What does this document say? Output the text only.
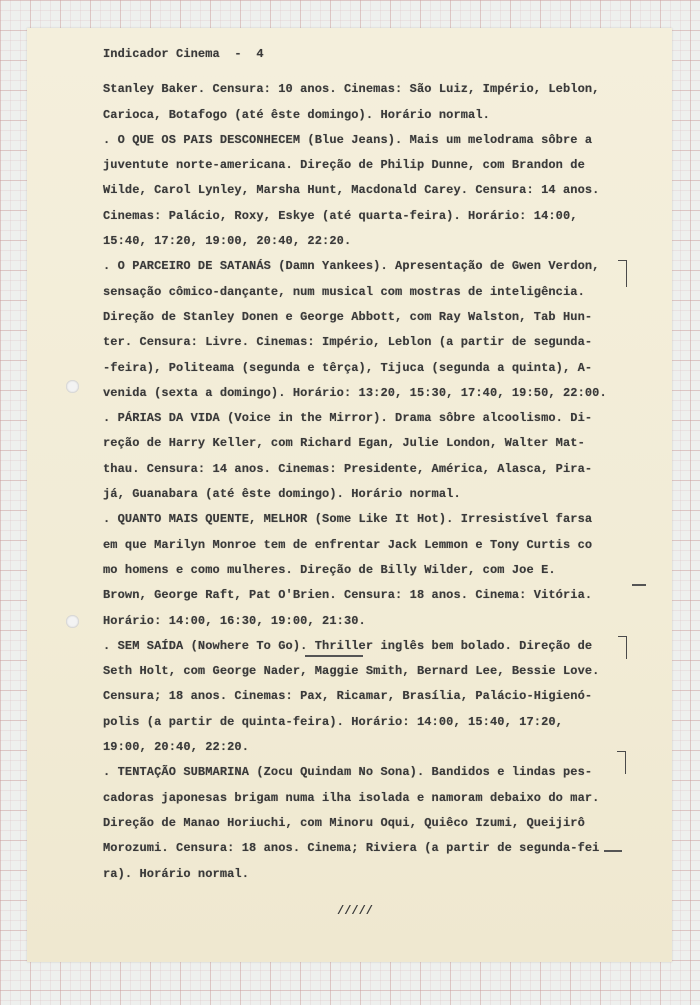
Indicador Cinema  -  4
Stanley Baker. Censura: 10 anos. Cinemas: São Luiz, Império, Leblon,
Carioca, Botafogo (até êste domingo). Horário normal.
. O QUE OS PAIS DESCONHECEM (Blue Jeans). Mais um melodrama sôbre a
juventute norte-americana. Direção de Philip Dunne, com Brandon de
Wilde, Carol Lynley, Marsha Hunt, Macdonald Carey. Censura: 14 anos.
Cinemas: Palácio, Roxy, Eskye (até quarta-feira). Horário: 14:00,
15:40, 17:20, 19:00, 20:40, 22:20.
. O PARCEIRO DE SATANÁS (Damn Yankees). Apresentação de Gwen Verdon,
sensação cômico-dançante, num musical com mostras de inteligência.
Direção de Stanley Donen e George Abbott, com Ray Walston, Tab Hun-
ter. Censura: Livre. Cinemas: Império, Leblon (a partir de segunda-
-feira), Politeama (segunda e têrça), Tijuca (segunda a quinta), A-
venida (sexta a domingo). Horário: 13:20, 15:30, 17:40, 19:50, 22:00.
. PÁRIAS DA VIDA (Voice in the Mirror). Drama sôbre alcoolismo. Di-
reção de Harry Keller, com Richard Egan, Julie London, Walter Mat-
thau. Censura: 14 anos. Cinemas: Presidente, América, Alasca, Pira-
já, Guanabara (até êste domingo). Horário normal.
. QUANTO MAIS QUENTE, MELHOR (Some Like It Hot). Irresistível farsa
em que Marilyn Monroe tem de enfrentar Jack Lemmon e Tony Curtis co
mo homens e como mulheres. Direção de Billy Wilder, com Joe E.
Brown, George Raft, Pat O'Brien. Censura: 18 anos. Cinema: Vitória.
Horário: 14:00, 16:30, 19:00, 21:30.
. SEM SAÍDA (Nowhere To Go). Thriller inglês bem bolado. Direção de
Seth Holt, com George Nader, Maggie Smith, Bernard Lee, Bessie Love.
Censura; 18 anos. Cinemas: Pax, Ricamar, Brasília, Palácio-Higienó-
polis (a partir de quinta-feira). Horário: 14:00, 15:40, 17:20,
19:00, 20:40, 22:20.
. TENTAÇÃO SUBMARINA (Zocu Quindam No Sona). Bandidos e lindas pes-
cadoras japonesas brigam numa ilha isolada e namoram debaixo do mar.
Direção de Manao Horiuchi, com Minoru Oqui, Quiêco Izumi, Queijirô
Morozumi. Censura: 18 anos. Cinema; Riviera (a partir de segunda-fei
ra). Horário normal.
/////
